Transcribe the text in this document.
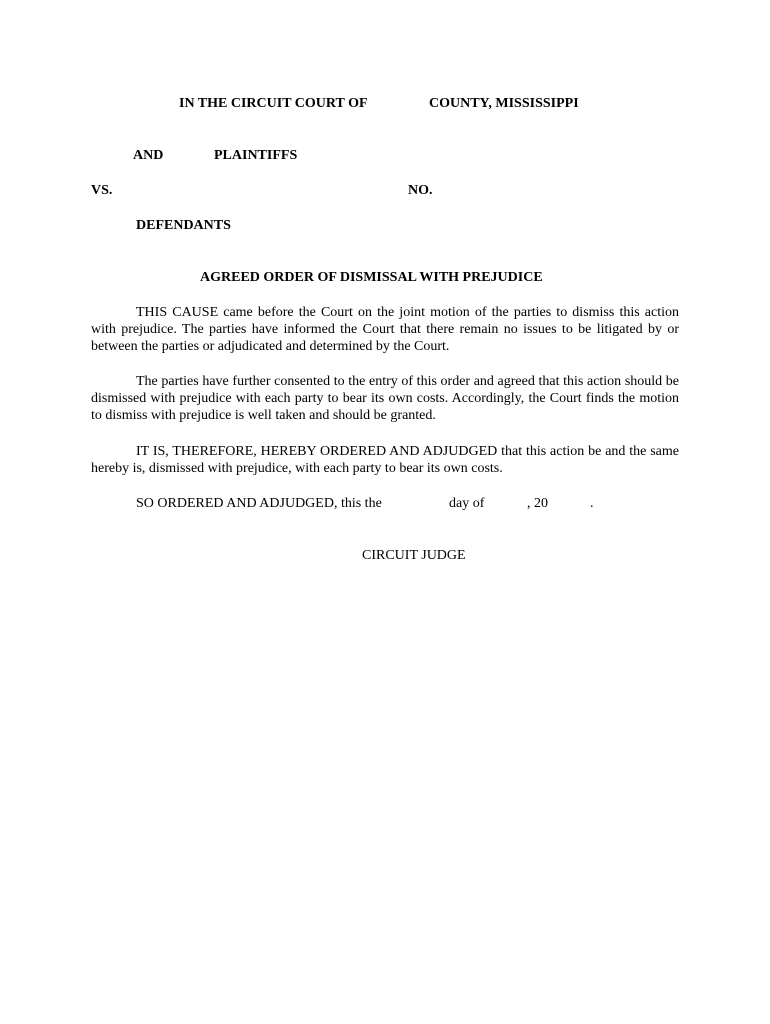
IN THE CIRCUIT COURT OF	COUNTY, MISSISSIPPI
AND	PLAINTIFFS
VS.	NO.
DEFENDANTS
AGREED ORDER OF DISMISSAL WITH PREJUDICE

THIS CAUSE came before the Court on the joint motion of the parties to dismiss this action with prejudice. The parties have informed the Court that there remain no issues to be litigated by or between the parties or adjudicated and determined by the Court.

The parties have further consented to the entry of this order and agreed that this action should be dismissed with prejudice with each party to bear its own costs. Accordingly, the Court finds the motion to dismiss with prejudice is well taken and should be granted.

IT IS, THEREFORE, HEREBY ORDERED AND ADJUDGED that this action be and the same hereby is, dismissed with prejudice, with each party to bear its own costs.

SO ORDERED AND ADJUDGED, this the	day of	, 20	.
CIRCUIT JUDGE
